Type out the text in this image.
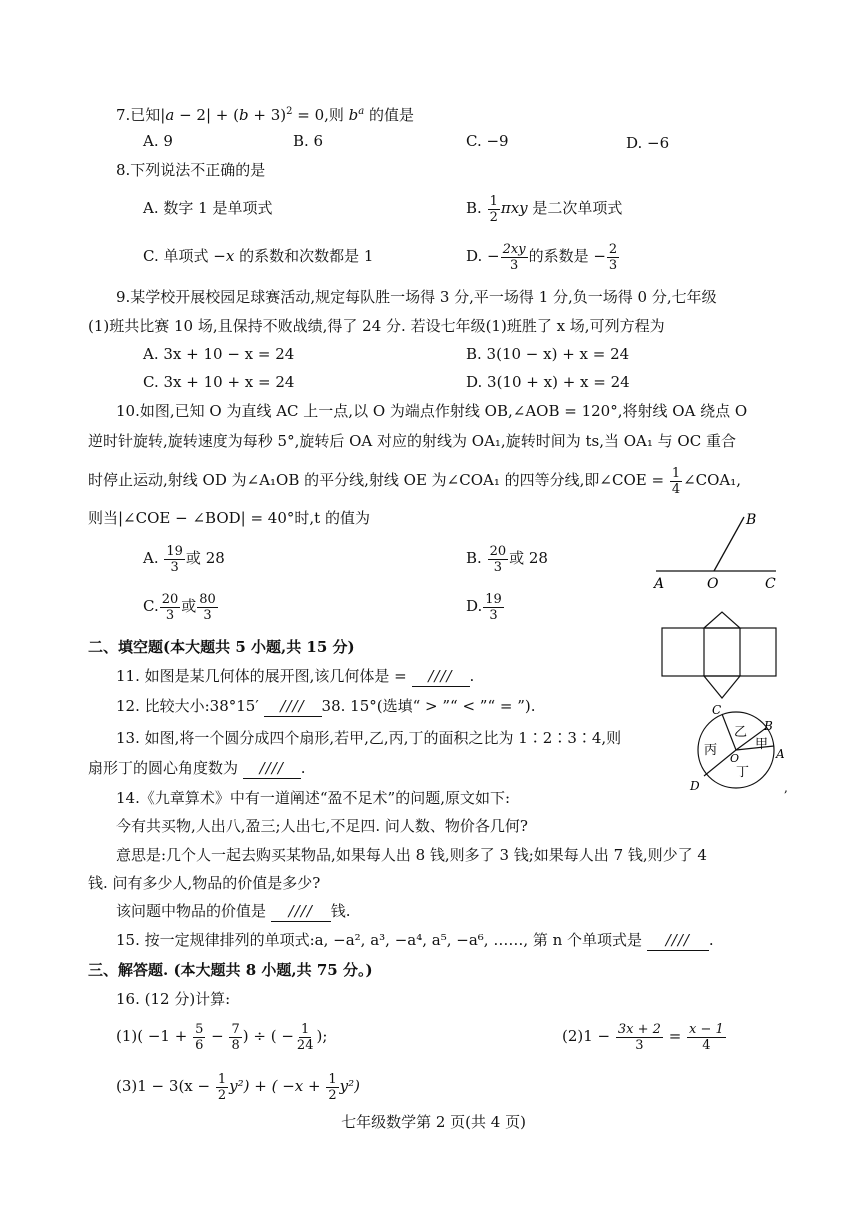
7.已知$|a - 2| + (b + 3)^2 = 0$,则 $b^a$ 的值是
A. 9	B. 6	C. −9	D. −6
8.下列说法不正确的是
A. 数字 1 是单项式	B. $\frac{1}{2}$ πxy 是二次单项式
C. 单项式 −x 的系数和次数都是 1	D. − $\frac{2xy}{3}$ 的系数是 − $\frac{2}{3}$
9.某学校开展校园足球赛活动,规定每队胜一场得 3 分,平一场得 1 分,负一场得 0 分,七年级
(1)班共比赛 10 场,且保持不败战绩,得了 24 分. 若设七年级(1)班胜了 x 场,可列方程为
A. 3x + 10 − x = 24	B. 3(10 − x) + x = 24
C. 3x + 10 + x = 24	D. 3(10 + x) + x = 24
10.如图,已知 O 为直线 AC 上一点,以 O 为端点作射线 OB,∠AOB = 120°,将射线 OA 绕点 O
逆时针旋转,旋转速度为每秒 5°,旋转后 OA 对应的射线为 OA₁,旋转时间为 ts,当 OA₁ 与 OC 重合
时停止运动,射线 OD 为∠A₁OB 的平分线,射线 OE 为∠COA₁ 的四等分线,即∠COE = $\frac{1}{4}$ ∠COA₁,
则当|∠COE − ∠BOD| = 40°时,t 的值为
A. $\frac{19}{3}$ 或 28	B. $\frac{20}{3}$ 或 28
C. $\frac{20}{3}$ 或 $\frac{80}{3}$	D. $\frac{19}{3}$
B
A	O	C
二、填空题(本大题共 5 小题,共 15 分)
11. 如图是某几何体的展开图,该几何体是 = //// .
12. 比较大小:38°15′ //// 38. 15°(选填“ > ”“ < ”“ = ”).
13. 如图,将一个圆分成四个扇形,若甲,乙,丙,丁的面积之比为 1∶2∶3∶4,则
扇形丁的圆心角度数为 //// .
C
B
A
D
O
甲
乙
丙
丁
,
14.《九章算术》中有一道阐述“盈不足术”的问题,原文如下:
今有共买物,人出八,盈三;人出七,不足四. 问人数、物价各几何?
意思是:几个人一起去购买某物品,如果每人出 8 钱,则多了 3 钱;如果每人出 7 钱,则少了 4
钱. 问有多少人,物品的价值是多少?
该问题中物品的价值是 //// 钱.
15. 按一定规律排列的单项式:a, −a², a³, −a⁴, a⁵, −a⁶, ……, 第 n 个单项式是 //// .
三、解答题. (本大题共 8 小题,共 75 分。)
16. (12 分)计算:
$(1)( -1 + \frac{5}{6} - \frac{7}{8}$ ) ÷ ( − $\frac{1}{24}$ );	$(2)1 - \frac{3x + 2}{3} = \frac{x - 1}{4}$
$(3)1 - 3(x - \frac{1}{2} y^2)$ + ( $-x + \frac{1}{2} y^2$)
七年级数学第 2 页(共 4 页)
